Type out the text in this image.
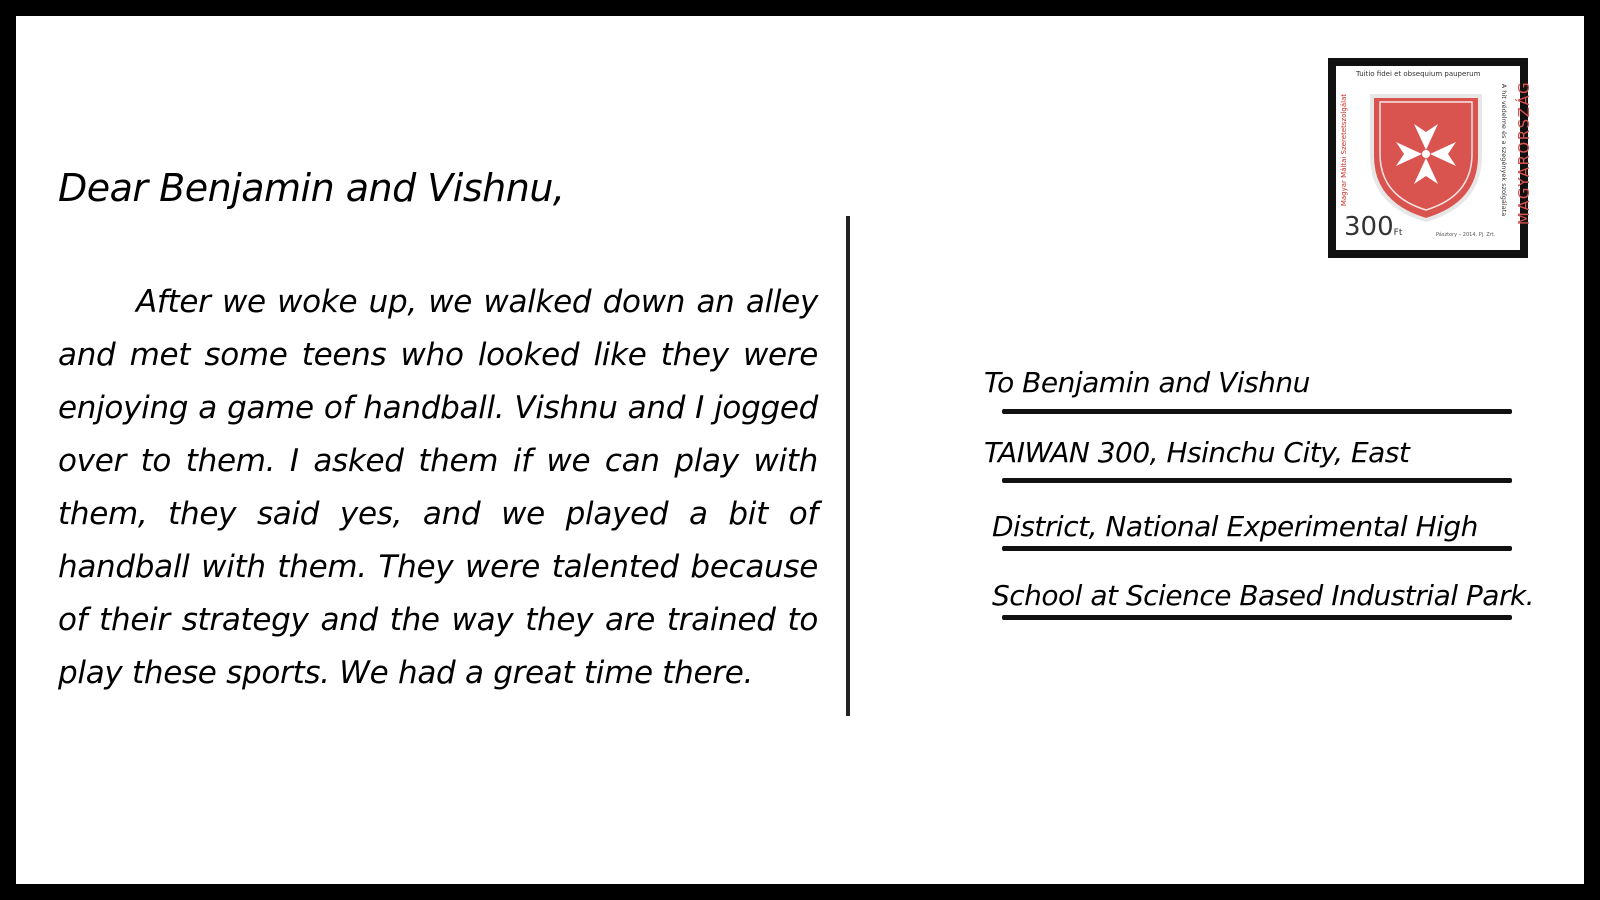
Dear Benjamin and Vishnu,

After we woke up, we walked down an alley and met some teens who looked like they were enjoying a game of handball. Vishnu and I jogged over to them. I asked them if we can play with them, they said yes, and we played a bit of handball with them. They were talented because of their strategy and the way they are trained to play these sports. We had a great time there.

Tuitio fidei et obsequium pauperum
Magyar Máltai Szeretetszolgálat	A hit védelme és a szegények szolgálata MAGYARORSZÁG
300Ft	Pásztory – 2014. Pj. Zrt.
To Benjamin and Vishnu
TAIWAN 300, Hsinchu City, East
District, National Experimental High
School at Science Based Industrial Park.
